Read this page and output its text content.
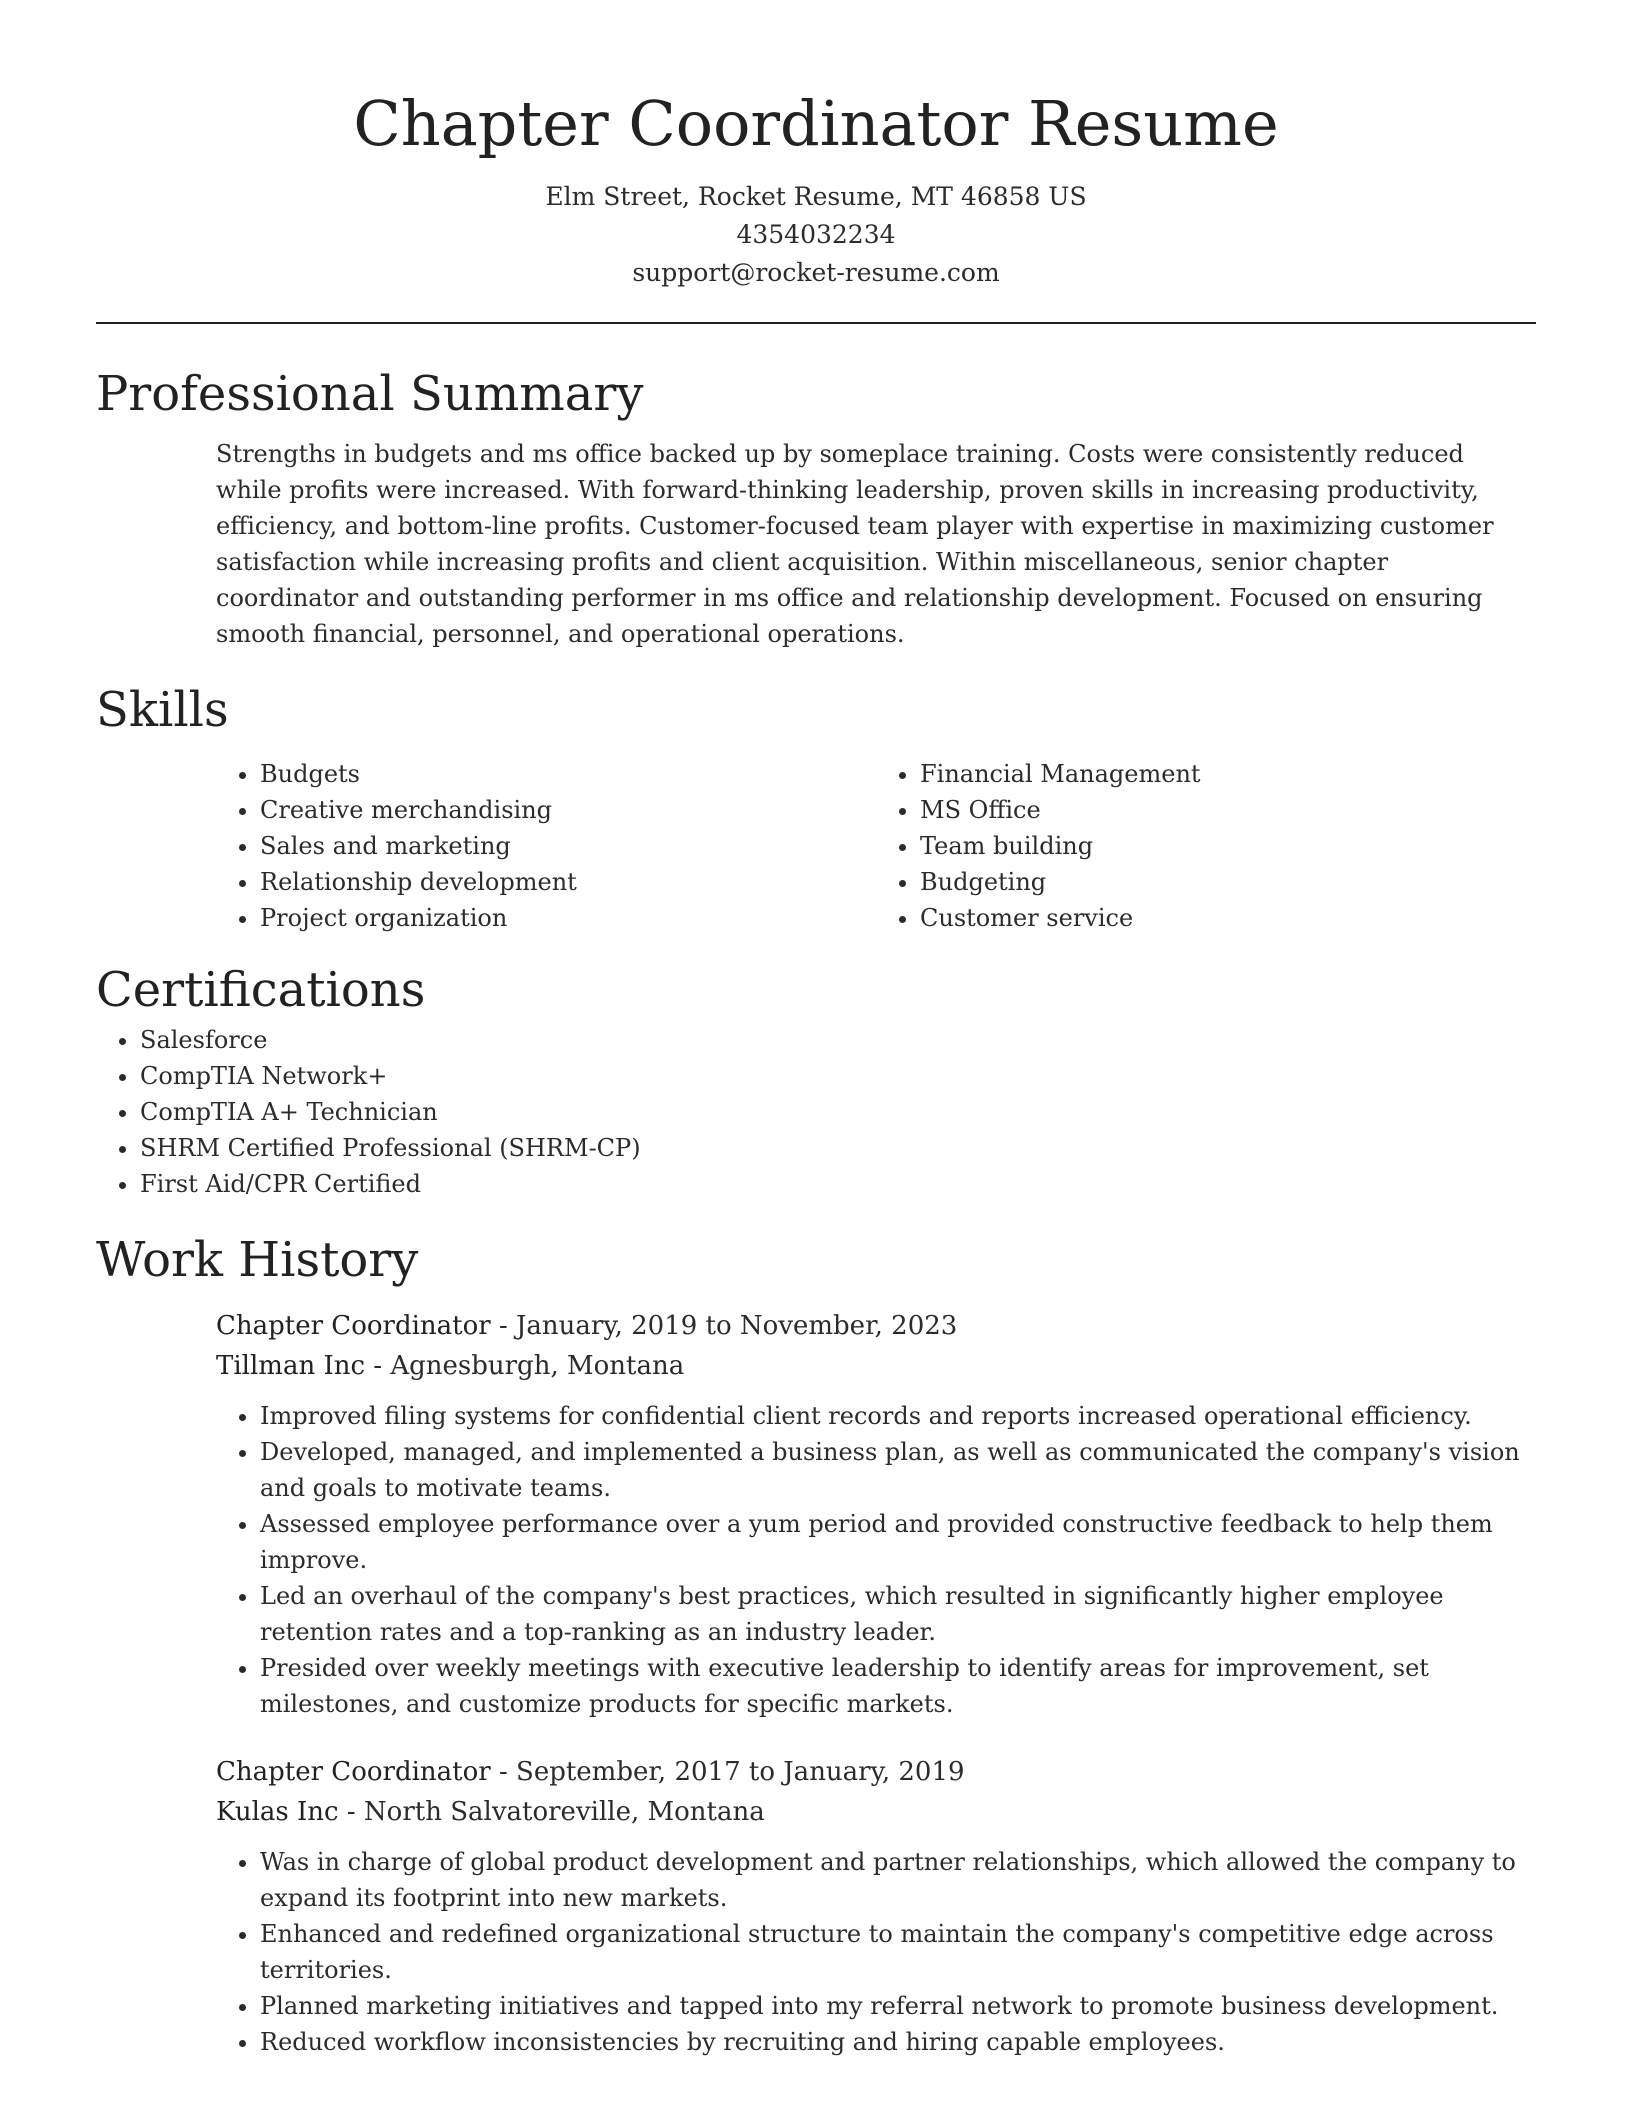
Chapter Coordinator Resume
Elm Street, Rocket Resume, MT 46858 US
4354032234
support@rocket-resume.com
Professional Summary

Strengths in budgets and ms office backed up by someplace training. Costs were consistently reduced while profits were increased. With forward-thinking leadership, proven skills in increasing productivity, efficiency, and bottom-line profits. Customer-focused team player with expertise in maximizing customer satisfaction while increasing profits and client acquisition. Within miscellaneous, senior chapter coordinator and outstanding performer in ms office and relationship development. Focused on ensuring smooth financial, personnel, and operational operations.

Skills
• Budgets
• Creative merchandising
• Sales and marketing
• Relationship development
• Project organization
• Financial Management
• MS Office
• Team building
• Budgeting
• Customer service
Certifications
• Salesforce
• CompTIA Network+
• CompTIA A+ Technician
• SHRM Certified Professional (SHRM-CP)
• First Aid/CPR Certified
Work History
Chapter Coordinator - January, 2019 to November, 2023
Tillman Inc - Agnesburgh, Montana
• Improved filing systems for confidential client records and reports increased operational efficiency.
• Developed, managed, and implemented a business plan, as well as communicated the company's vision and goals to motivate teams.
• Assessed employee performance over a yum period and provided constructive feedback to help them improve.
• Led an overhaul of the company's best practices, which resulted in significantly higher employee retention rates and a top-ranking as an industry leader.
• Presided over weekly meetings with executive leadership to identify areas for improvement, set milestones, and customize products for specific markets.
Chapter Coordinator - September, 2017 to January, 2019
Kulas Inc - North Salvatoreville, Montana
• Was in charge of global product development and partner relationships, which allowed the company to expand its footprint into new markets.
• Enhanced and redefined organizational structure to maintain the company's competitive edge across territories.
• Planned marketing initiatives and tapped into my referral network to promote business development.
• Reduced workflow inconsistencies by recruiting and hiring capable employees.
